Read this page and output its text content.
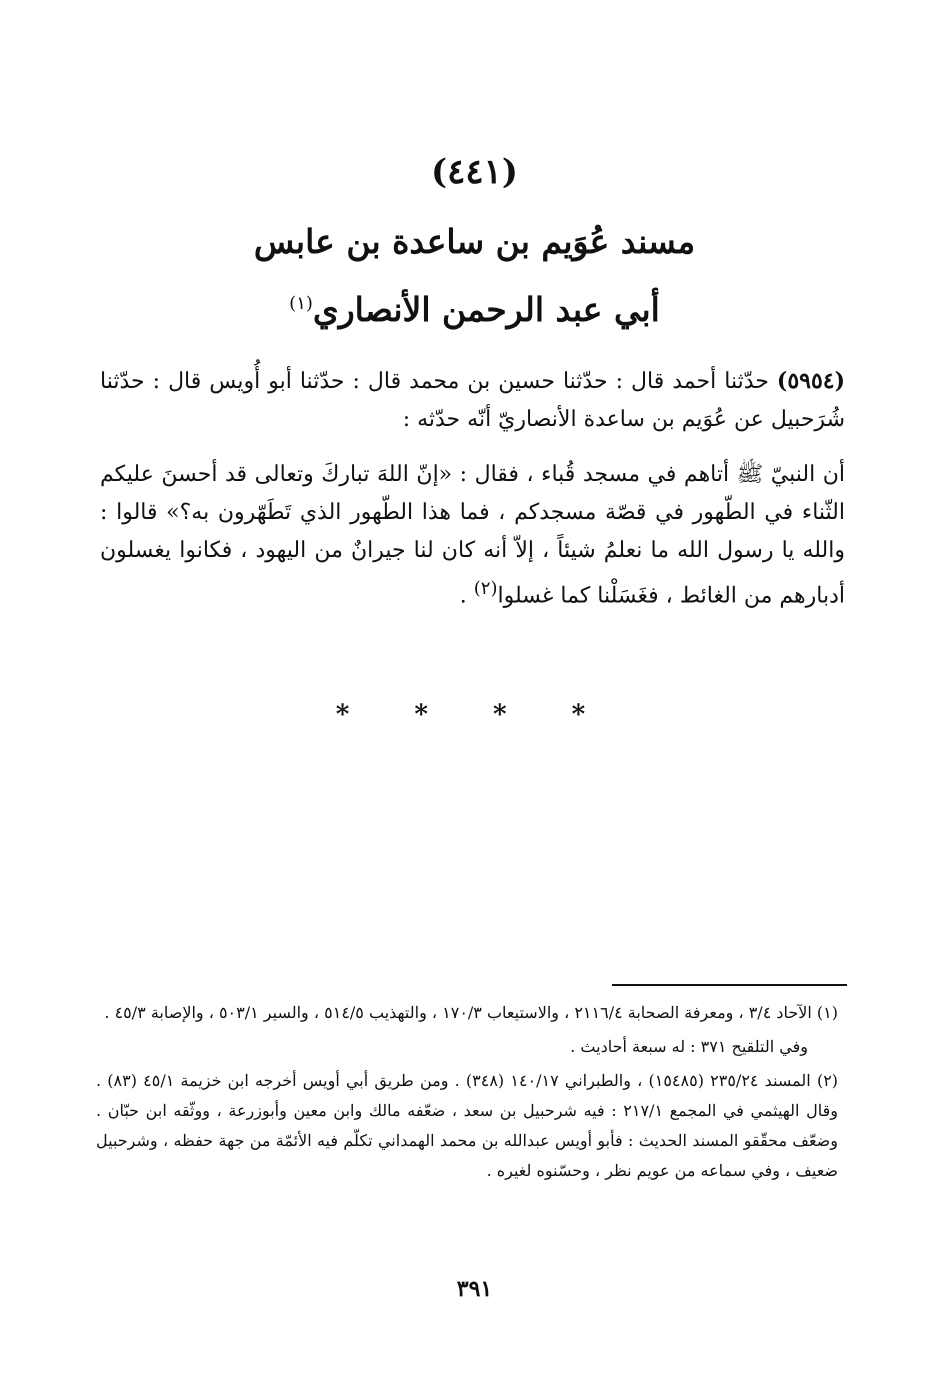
(٤٤١)
مسند عُوَيم بن ساعدة بن عابس
أبي عبد الرحمن الأنصاري$^{(١)}$
(٥٩٥٤) حدّثنا أحمد قال : حدّثنا حسين بن محمد قال : حدّثنا أبو أُويس قال : حدّثنا شُرَحبيل عن عُوَيم بن ساعدة الأنصاريّ أنّه حدّثه :
أن النبيّ ﷺ أتاهم في مسجد قُباء ، فقال : «إنّ اللهَ تباركَ وتعالى قد أحسنَ عليكم الثّناء في الطّهور في قصّة مسجدكم ، فما هذا الطّهور الذي تَطَهّرون به؟» قالوا : والله يا رسول الله ما نعلمُ شيئاً ، إلاّ أنه كان لنا جيرانٌ من اليهود ، فكانوا يغسلون أدبارهم من الغائط ، فغَسَلْنا كما غسلوا$^{(٢)}$ .
* * * *

(١) الآحاد ٣/٤ ، ومعرفة الصحابة ٢١١٦/٤ ، والاستيعاب ١٧٠/٣ ، والتهذيب ٥١٤/٥ ، والسير ٥٠٣/١ ، والإصابة ٤٥/٣ .

وفي التلقيح ٣٧١ : له سبعة أحاديث .

(٢) المسند ٢٣٥/٢٤ (١٥٤٨٥) ، والطبراني ١٤٠/١٧ (٣٤٨) . ومن طريق أبي أويس أخرجه ابن خزيمة ٤٥/١ (٨٣) . وقال الهيثمي في المجمع ٢١٧/١ : فيه شرحبيل بن سعد ، ضعّفه مالك وابن معين وأبوزرعة ، ووثّقه ابن حبّان . وضعّف محقّقو المسند الحديث : فأبو أويس عبدالله بن محمد الهمداني تكلّم فيه الأئمّة من جهة حفظه ، وشرحبيل ضعيف ، وفي سماعه من عويم نظر ، وحسّنوه لغيره .

٣٩١
